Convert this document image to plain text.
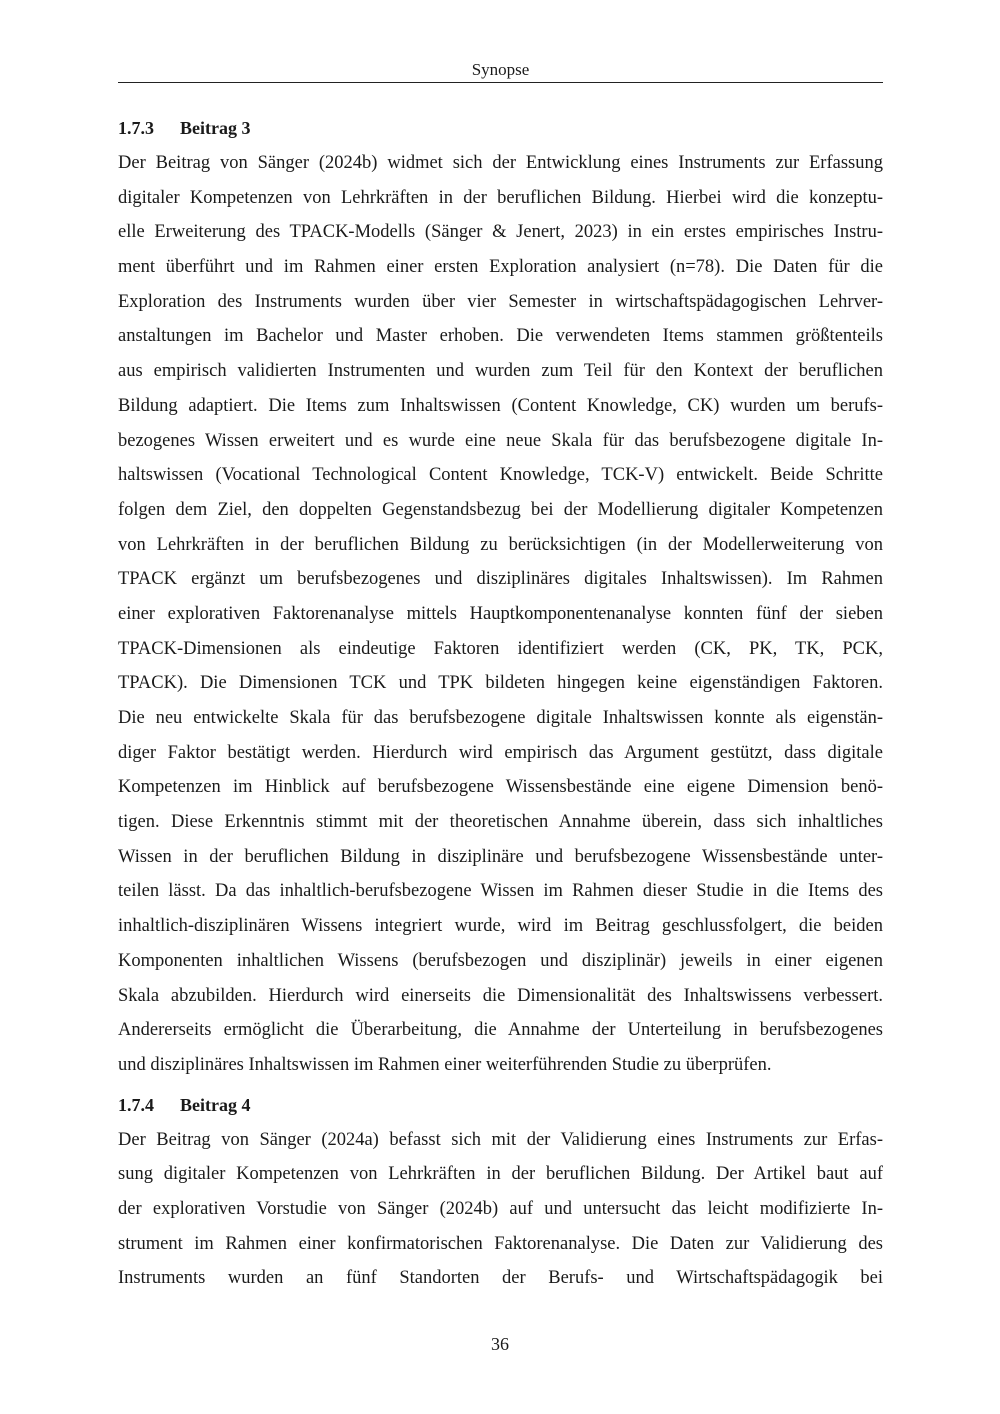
Synopse
1.7.3	Beitrag 3
Der Beitrag von Sänger (2024b) widmet sich der Entwicklung eines Instruments zur Erfassung
digitaler Kompetenzen von Lehrkräften in der beruflichen Bildung. Hierbei wird die konzeptu-
elle Erweiterung des TPACK-Modells (Sänger & Jenert, 2023) in ein erstes empirisches Instru-
ment überführt und im Rahmen einer ersten Exploration analysiert (n=78). Die Daten für die
Exploration des Instruments wurden über vier Semester in wirtschaftspädagogischen Lehrver-
anstaltungen im Bachelor und Master erhoben. Die verwendeten Items stammen größtenteils
aus empirisch validierten Instrumenten und wurden zum Teil für den Kontext der beruflichen
Bildung adaptiert. Die Items zum Inhaltswissen (Content Knowledge, CK) wurden um berufs-
bezogenes Wissen erweitert und es wurde eine neue Skala für das berufsbezogene digitale In-
haltswissen (Vocational Technological Content Knowledge, TCK-V) entwickelt. Beide Schritte
folgen dem Ziel, den doppelten Gegenstandsbezug bei der Modellierung digitaler Kompetenzen
von Lehrkräften in der beruflichen Bildung zu berücksichtigen (in der Modellerweiterung von
TPACK ergänzt um berufsbezogenes und disziplinäres digitales Inhaltswissen). Im Rahmen
einer explorativen Faktorenanalyse mittels Hauptkomponentenanalyse konnten fünf der sieben
TPACK-Dimensionen als eindeutige Faktoren identifiziert werden (CK, PK, TK, PCK,
TPACK). Die Dimensionen TCK und TPK bildeten hingegen keine eigenständigen Faktoren.
Die neu entwickelte Skala für das berufsbezogene digitale Inhaltswissen konnte als eigenstän-
diger Faktor bestätigt werden. Hierdurch wird empirisch das Argument gestützt, dass digitale
Kompetenzen im Hinblick auf berufsbezogene Wissensbestände eine eigene Dimension benö-
tigen. Diese Erkenntnis stimmt mit der theoretischen Annahme überein, dass sich inhaltliches
Wissen in der beruflichen Bildung in disziplinäre und berufsbezogene Wissensbestände unter-
teilen lässt. Da das inhaltlich-berufsbezogene Wissen im Rahmen dieser Studie in die Items des
inhaltlich-disziplinären Wissens integriert wurde, wird im Beitrag geschlussfolgert, die beiden
Komponenten inhaltlichen Wissens (berufsbezogen und disziplinär) jeweils in einer eigenen
Skala abzubilden. Hierdurch wird einerseits die Dimensionalität des Inhaltswissens verbessert.
Andererseits ermöglicht die Überarbeitung, die Annahme der Unterteilung in berufsbezogenes
und disziplinäres Inhaltswissen im Rahmen einer weiterführenden Studie zu überprüfen.
1.7.4	Beitrag 4
Der Beitrag von Sänger (2024a) befasst sich mit der Validierung eines Instruments zur Erfas-
sung digitaler Kompetenzen von Lehrkräften in der beruflichen Bildung. Der Artikel baut auf
der explorativen Vorstudie von Sänger (2024b) auf und untersucht das leicht modifizierte In-
strument im Rahmen einer konfirmatorischen Faktorenanalyse. Die Daten zur Validierung des
Instruments wurden an fünf Standorten der Berufs- und Wirtschaftspädagogik bei
36
